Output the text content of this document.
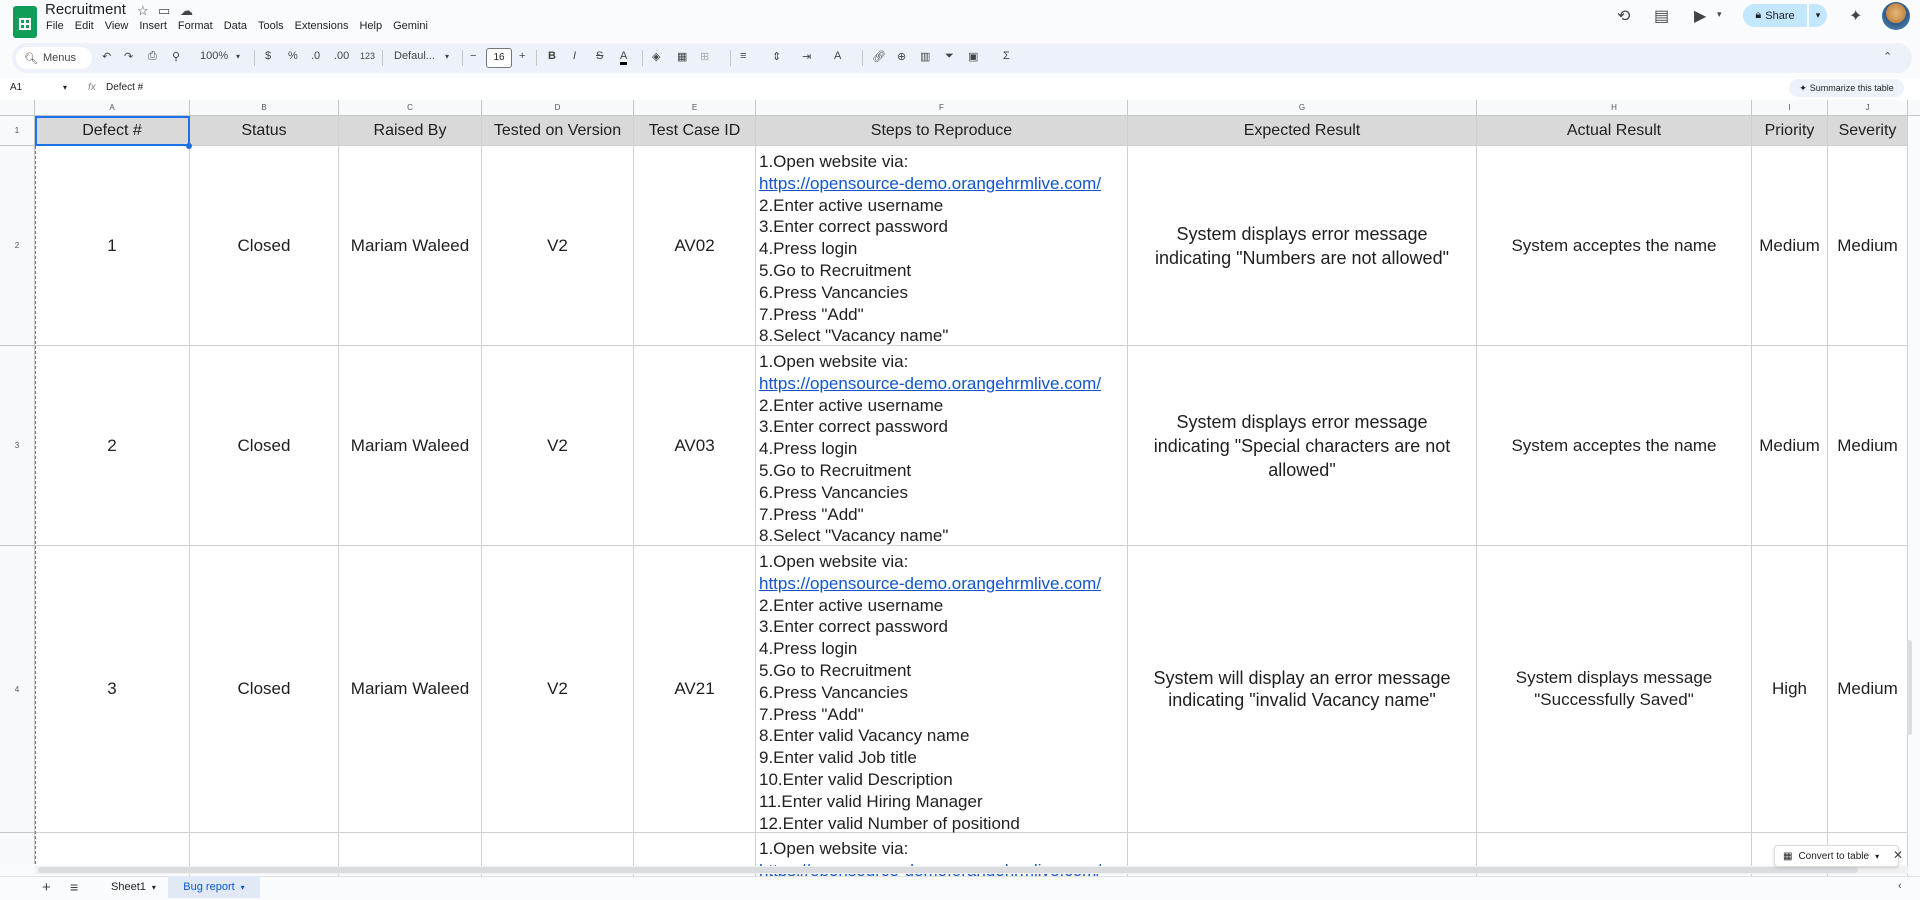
Recruitment ☆ ▭ ☁
File Edit View Insert Format Data Tools Extensions Help Gemini
⟲ ▤ ▶ ▾	🔒︎ Share	▾	✦
🔍︎ Menus ↶ ↷ ⎙ ⚲ 100% ▾ $ % .0 .00 123 Defaul... ▾ −	16	+ B I S A ◈ ▦ ⊞	≡ ⇕ ⇥ A	🔗︎ ⊕ ▥ ⏷ ▣ Σ	⌃
A1	▾ fx Defect #	✦ Summarize this table
A	B	C	D	E	F	G	H	I	J
1
2
3
4
Defect #	Status	Raised By	Tested on Version	Test Case ID	Steps to Reproduce	Expected Result	Actual Result	Priority	Severity
1	Closed	Mariam Waleed	V2	AV02
1.Open website via:
https://opensource-demo.orangehrmlive.com/
2.Enter active username
3.Enter correct password
4.Press login
5.Go to Recruitment
6.Press Vancancies
7.Press "Add"
8.Select "Vacancy name"
System displays error message indicating "Numbers are not allowed"
System acceptes the name	Medium	Medium
2	Closed	Mariam Waleed	V2	AV03
1.Open website via:
https://opensource-demo.orangehrmlive.com/
2.Enter active username
3.Enter correct password
4.Press login
5.Go to Recruitment
6.Press Vancancies
7.Press "Add"
8.Select "Vacancy name"
System displays error message indicating "Special characters are not allowed"
System acceptes the name	Medium	Medium
3	Closed	Mariam Waleed	V2	AV21
1.Open website via:
https://opensource-demo.orangehrmlive.com/
2.Enter active username
3.Enter correct password
4.Press login
5.Go to Recruitment
6.Press Vancancies
7.Press "Add"
8.Enter valid Vacancy name
9.Enter valid Job title
10.Enter valid Description
11.Enter valid Hiring Manager
12.Enter valid Number of positiond
System will display an error message indicating "invalid Vacancy name"
System displays message "Successfully Saved"
High	Medium
1.Open website via:	▦ Convert to table ▾ ✕
+ ≡	Sheet1 ▾ Bug report ▾	‹
